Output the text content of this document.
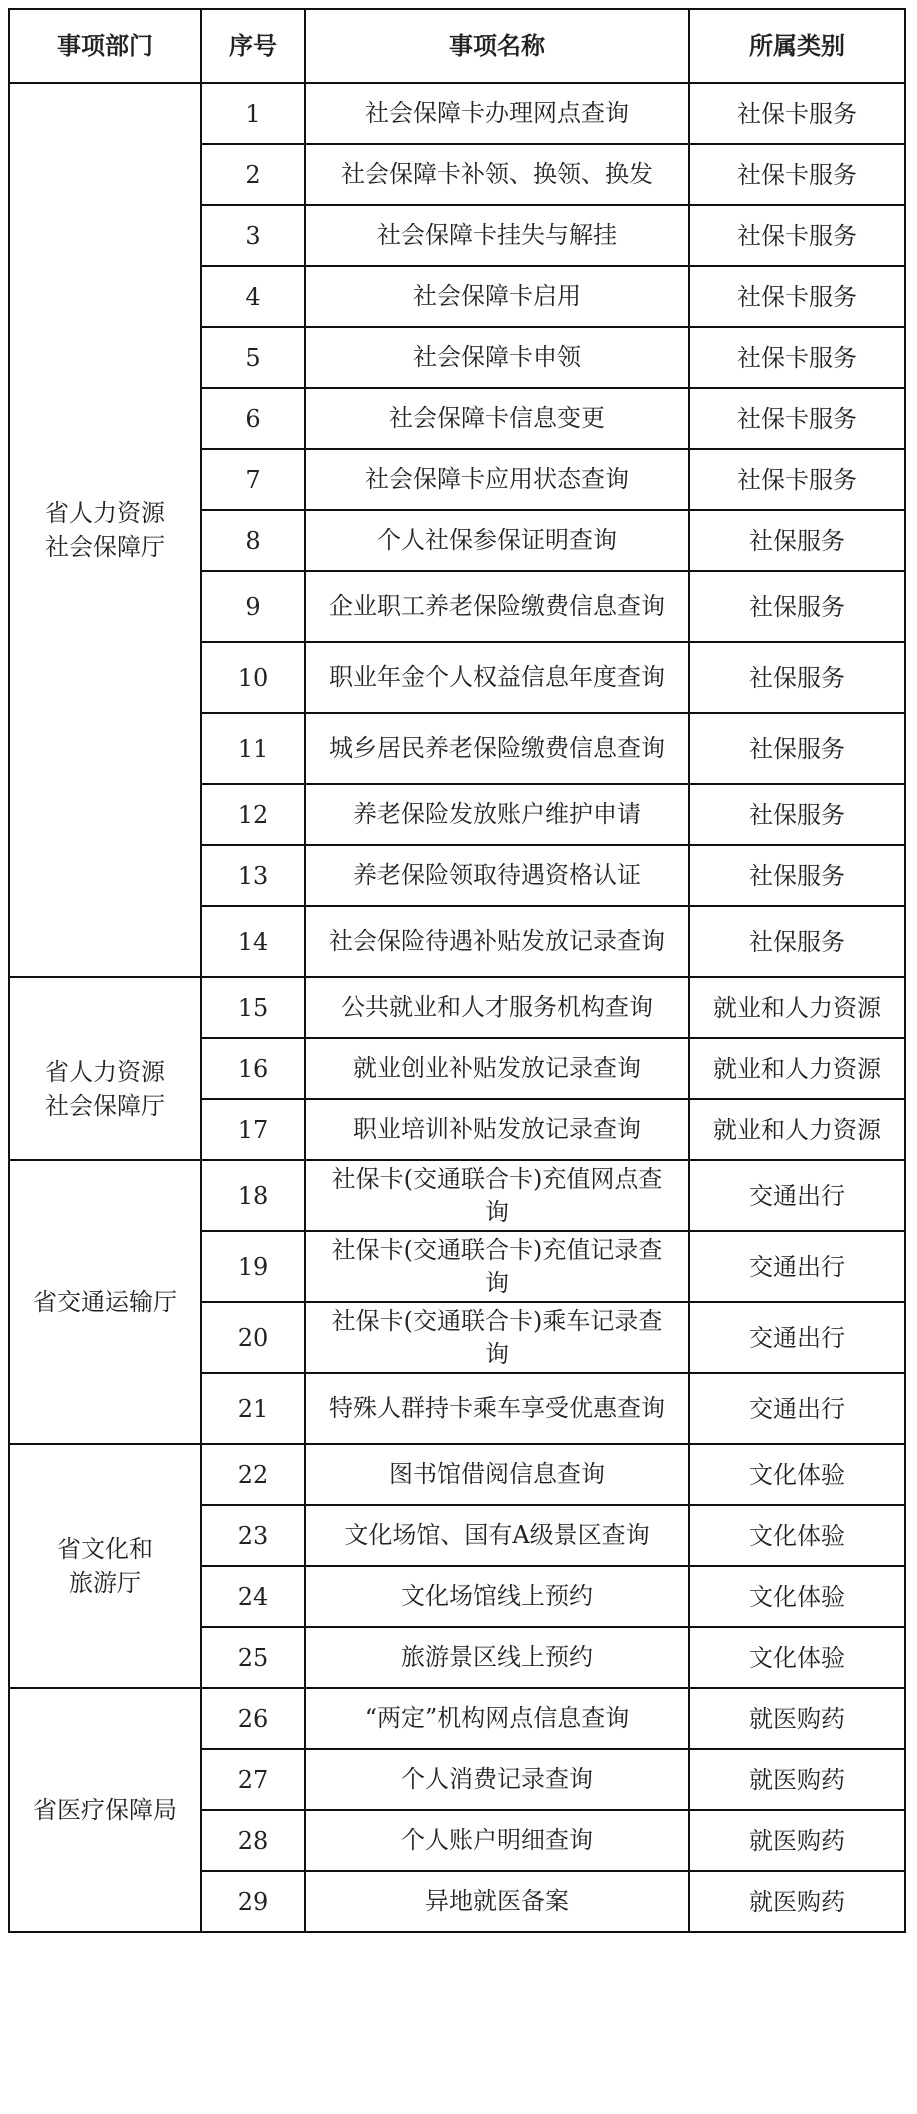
事项部门	序号	事项名称	所属类别

省人力资源
社会保障厅	1	社会保障卡办理网点查询	社保卡服务
	2	社会保障卡补领、换领、换发	社保卡服务
	3	社会保障卡挂失与解挂	社保卡服务
	4	社会保障卡启用	社保卡服务
	5	社会保障卡申领	社保卡服务
	6	社会保障卡信息变更	社保卡服务
	7	社会保障卡应用状态查询	社保卡服务
	8	个人社保参保证明查询	社保服务
	9	企业职工养老保险缴费信息查询	社保服务
	10	职业年金个人权益信息年度查询	社保服务
	11	城乡居民养老保险缴费信息查询	社保服务
	12	养老保险发放账户维护申请	社保服务
	13	养老保险领取待遇资格认证	社保服务
	14	社会保险待遇补贴发放记录查询	社保服务

省人力资源
社会保障厅	15	公共就业和人才服务机构查询	就业和人力资源
	16	就业创业补贴发放记录查询	就业和人力资源
	17	职业培训补贴发放记录查询	就业和人力资源
省交通运输厅	18	社保卡(交通联合卡)充值网点查询	交通出行
	19	社保卡(交通联合卡)充值记录查询	交通出行
	20	社保卡(交通联合卡)乘车记录查询	交通出行
	21	特殊人群持卡乘车享受优惠查询	交通出行

省文化和
旅游厅	22	图书馆借阅信息查询	文化体验
	23	文化场馆、国有A级景区查询	文化体验
	24	文化场馆线上预约	文化体验
	25	旅游景区线上预约	文化体验
省医疗保障局	26	“两定”机构网点信息查询	就医购药
	27	个人消费记录查询	就医购药
	28	个人账户明细查询	就医购药
	29	异地就医备案	就医购药
